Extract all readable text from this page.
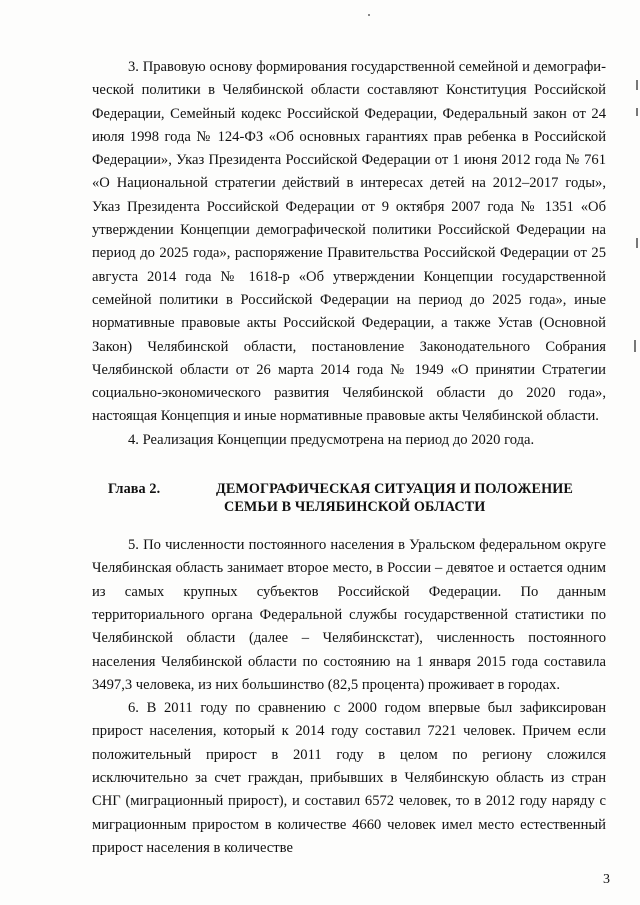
3. Правовую основу формирования государственной семейной и демографической политики в Челябинской области составляют Конституция Российской Федерации, Семейный кодекс Российской Федерации, Федеральный закон от 24 июля 1998 года № 124-ФЗ «Об основных гарантиях прав ребенка в Российской Федерации», Указ Президента Российской Федерации от 1 июня 2012 года № 761 «О Национальной стратегии действий в интересах детей на 2012–2017 годы», Указ Президента Российской Федерации от 9 октября 2007 года № 1351 «Об утверждении Концепции демографической политики Российской Федерации на период до 2025 года», распоряжение Правительства Российской Федерации от 25 августа 2014 года № 1618-р «Об утверждении Концепции государственной семейной политики в Российской Федерации на период до 2025 года», иные нормативные правовые акты Российской Федерации, а также Устав (Основной Закон) Челябинской области, постановление Законодательного Собрания Челябинской области от 26 марта 2014 года № 1949 «О принятии Стратегии социально-экономического развития Челябинской области до 2020 года», настоящая Концепция и иные нормативные правовые акты Челябинской области.

4. Реализация Концепции предусмотрена на период до 2020 года.

Глава 2.	ДЕМОГРАФИЧЕСКАЯ СИТУАЦИЯ И ПОЛОЖЕНИЕ
СЕМЬИ В ЧЕЛЯБИНСКОЙ ОБЛАСТИ

5. По численности постоянного населения в Уральском федеральном округе Челябинская область занимает второе место, в России – девятое и остается одним из самых крупных субъектов Российской Федерации. По данным территориального органа Федеральной службы государственной статистики по Челябинской области (далее – Челябинскстат), численность постоянного населения Челябинской области по состоянию на 1 января 2015 года составила 3497,3 человека, из них большинство (82,5 процента) проживает в городах.

6. В 2011 году по сравнению с 2000 годом впервые был зафиксирован прирост населения, который к 2014 году составил 7221 человек. Причем если положительный прирост в 2011 году в целом по региону сложился исключительно за счет граждан, прибывших в Челябинскую область из стран СНГ (миграционный прирост), и составил 6572 человек, то в 2012 году наряду с миграционным приростом в количестве 4660 человек имел место естественный прирост населения в количестве

3
